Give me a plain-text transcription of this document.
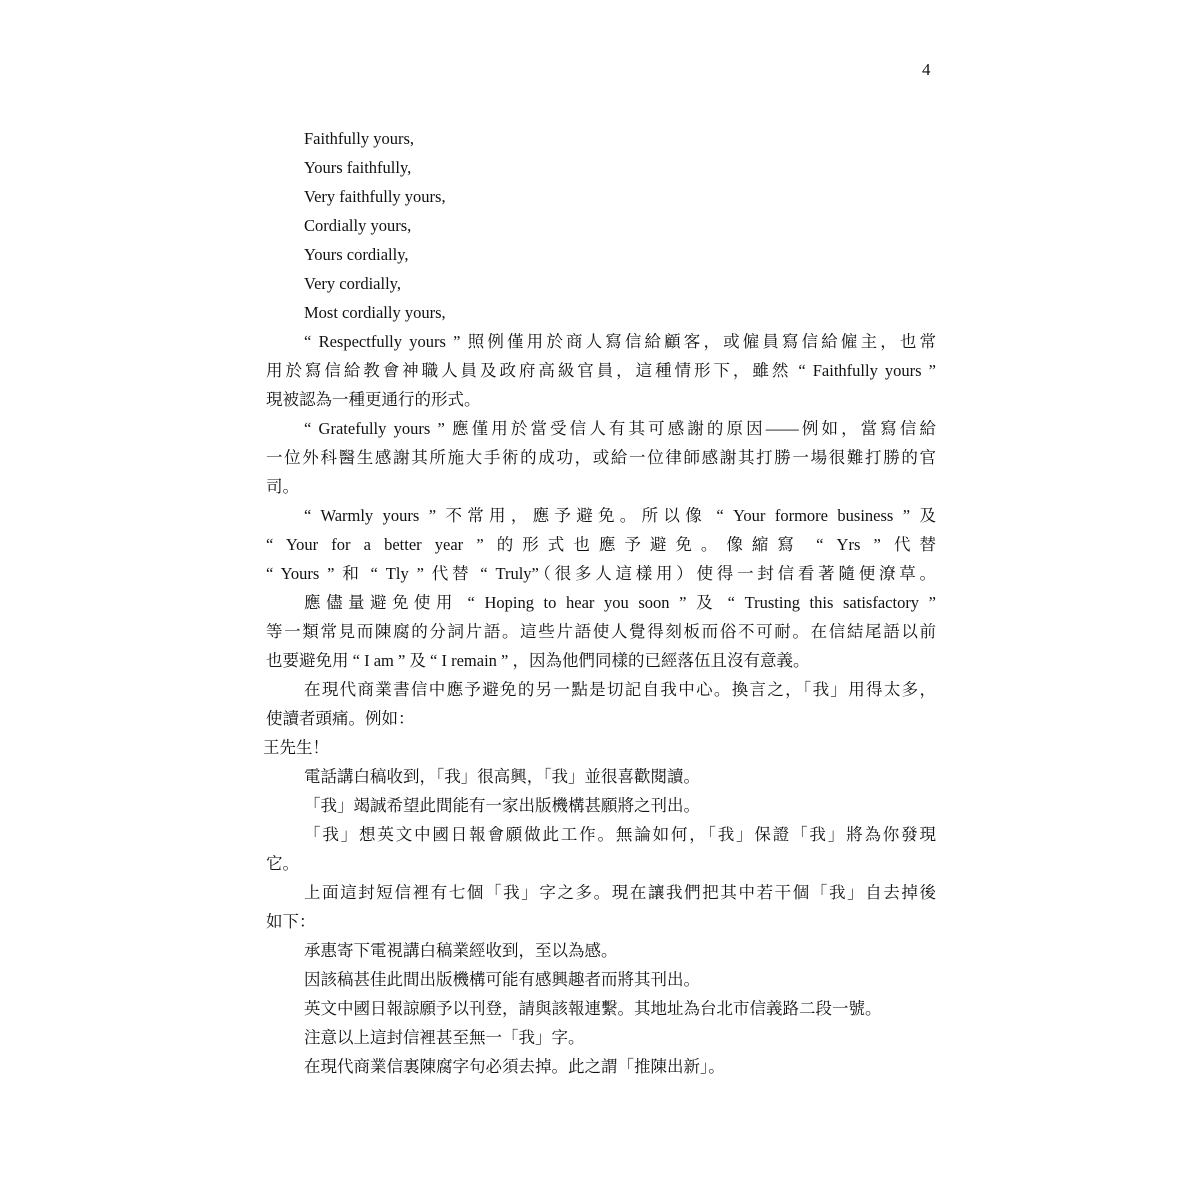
4
Faithfully yours,
Yours faithfully,
Very faithfully yours,
Cordially yours,
Yours cordially,
Very cordially,
Most cordially yours,
“ Respectfully yours ” 照例僅用於商人寫信給顧客，或僱員寫信給僱主，也常
用於寫信給教會神職人員及政府高級官員，這種情形下，雖然 “ Faithfully yours ”
現被認為一種更通行的形式。
“ Gratefully yours ” 應僅用於當受信人有其可感謝的原因——例如，當寫信給
一位外科醫生感謝其所施大手術的成功，或給一位律師感謝其打勝一場很難打勝的官
司。
“ Warmly yours ” 不常用，應予避免。所以像 “ Your formore business ” 及
“ Your for a better year ” 的形式也應予避免。像縮寫 “ Yrs ” 代替
“ Yours ” 和 “ Tly ” 代替 “ Truly”（很多人這樣用）使得一封信看著隨便潦草。
應儘量避免使用 “ Hoping to hear you soon ” 及 “ Trusting this satisfactory ”
等一類常見而陳腐的分詞片語。這些片語使人覺得刻板而俗不可耐。在信結尾語以前
也要避免用 “ I am ” 及 “ I remain ” ，因為他們同樣的已經落伍且沒有意義。
在現代商業書信中應予避免的另一點是切記自我中心。換言之，「我」用得太多，
使讀者頭痛。例如：
王先生！
電話講白稿收到，「我」很高興，「我」並很喜歡閱讀。
「我」竭誠希望此間能有一家出版機構甚願將之刊出。
「我」想英文中國日報會願做此工作。無論如何，「我」保證「我」將為你發現
它。
上面這封短信裡有七個「我」字之多。現在讓我們把其中若干個「我」自去掉後
如下：
承惠寄下電視講白稿業經收到，至以為感。
因該稿甚佳此間出版機構可能有感興趣者而將其刊出。
英文中國日報諒願予以刊登，請與該報連繫。其地址為台北市信義路二段一號。
注意以上這封信裡甚至無一「我」字。
在現代商業信裏陳腐字句必須去掉。此之謂「推陳出新」。
